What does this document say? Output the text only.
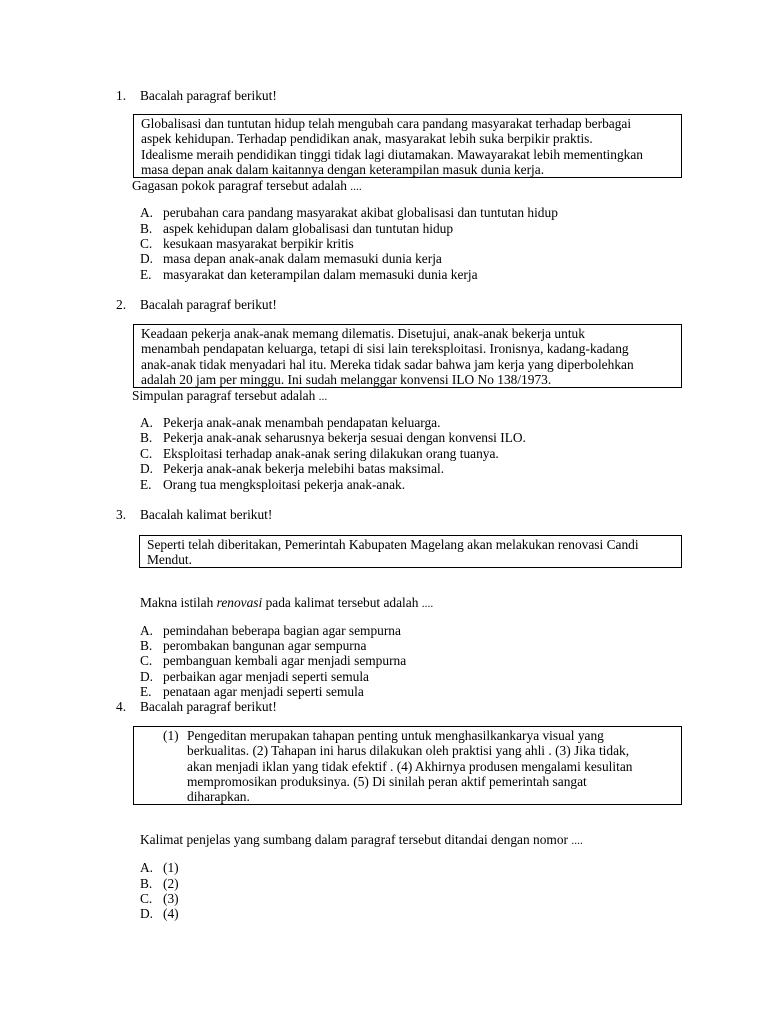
1. Bacalah paragraf berikut!
Globalisasi dan tuntutan hidup telah mengubah cara pandang masyarakat terhadap berbagai
aspek kehidupan. Terhadap pendidikan anak, masyarakat lebih suka berpikir praktis.
Idealisme meraih pendidikan tinggi tidak lagi diutamakan. Mawayarakat lebih mementingkan
masa depan anak dalam kaitannya dengan keterampilan masuk dunia kerja.
Gagasan pokok paragraf tersebut adalah ....
A. perubahan cara pandang masyarakat akibat globalisasi dan tuntutan hidup
B. aspek kehidupan dalam globalisasi dan tuntutan hidup
C. kesukaan masyarakat berpikir kritis
D. masa depan anak-anak dalam memasuki dunia kerja
E. masyarakat dan keterampilan dalam memasuki dunia kerja
2. Bacalah paragraf berikut!
Keadaan pekerja anak-anak memang dilematis. Disetujui, anak-anak bekerja untuk
menambah pendapatan keluarga, tetapi di sisi lain tereksploitasi. Ironisnya, kadang-kadang
anak-anak tidak menyadari hal itu. Mereka tidak sadar bahwa jam kerja yang diperbolehkan
adalah 20 jam per minggu. Ini sudah melanggar konvensi ILO No 138/1973.
Simpulan paragraf tersebut adalah ...
A. Pekerja anak-anak menambah pendapatan keluarga.
B. Pekerja anak-anak seharusnya bekerja sesuai dengan konvensi ILO.
C. Eksploitasi terhadap anak-anak sering dilakukan orang tuanya.
D. Pekerja anak-anak bekerja melebihi batas maksimal.
E. Orang tua mengksploitasi pekerja anak-anak.
3. Bacalah kalimat berikut!
Seperti telah diberitakan, Pemerintah Kabupaten Magelang akan melakukan renovasi Candi
Mendut.
Makna istilah renovasi pada kalimat tersebut adalah ....
A. pemindahan beberapa bagian agar sempurna
B. perombakan bangunan agar sempurna
C. pembanguan kembali agar menjadi sempurna
D. perbaikan agar menjadi seperti semula
E. penataan agar menjadi seperti semula
4. Bacalah paragraf berikut!
(1) Pengeditan merupakan tahapan penting untuk menghasilkankarya visual yang
berkualitas. (2) Tahapan ini harus dilakukan oleh praktisi yang ahli . (3) Jika tidak,
akan menjadi iklan yang tidak efektif . (4) Akhirnya produsen mengalami kesulitan
mempromosikan produksinya. (5) Di sinilah peran aktif pemerintah sangat
diharapkan.
Kalimat penjelas yang sumbang dalam paragraf tersebut ditandai dengan nomor ....
A. (1)
B. (2)
C. (3)
D. (4)
